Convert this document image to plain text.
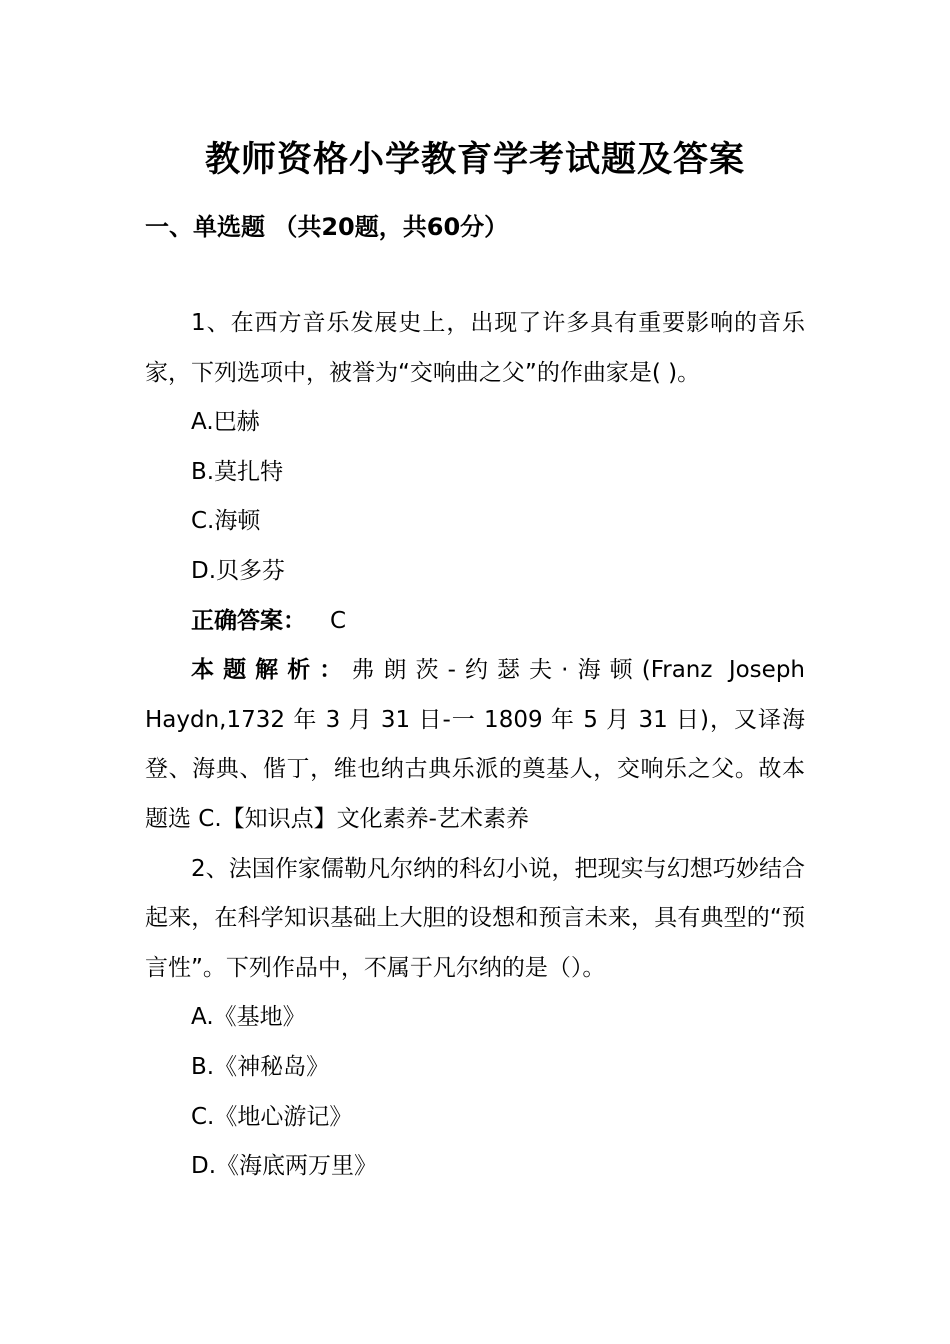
教师资格小学教育学考试题及答案
一、单选题 （共20题，共60分）

1、在西方音乐发展史上，出现了许多具有重要影响的音乐家，下列选项中，被誉为“交响曲之父”的作曲家是( )。

A.巴赫

B.莫扎特

C.海顿

D.贝多芬

正确答案： C

本题解析：弗朗茨-约瑟夫·海顿(Franz Joseph Haydn,1732 年 3 月 31 日-一 1809 年 5 月 31 日)，又译海登、海典、偕丁，维也纳古典乐派的奠基人，交响乐之父。故本题选 C.【知识点】文化素养-艺术素养

2、法国作家儒勒凡尔纳的科幻小说，把现实与幻想巧妙结合起来，在科学知识基础上大胆的设想和预言未来，具有典型的“预言性”。下列作品中，不属于凡尔纳的是（）。

A.《基地》

B.《神秘岛》

C.《地心游记》

D.《海底两万里》
